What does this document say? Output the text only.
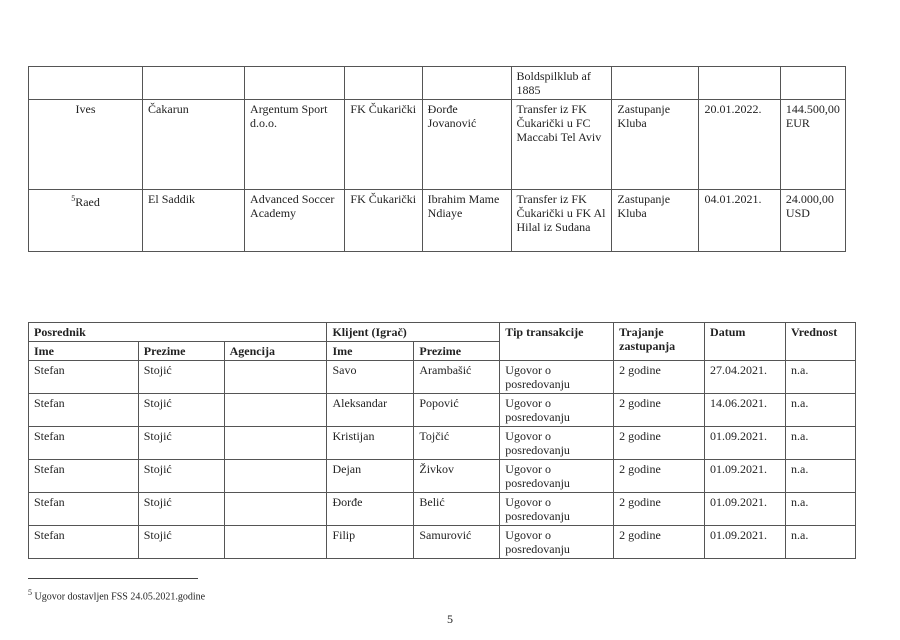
					Boldspilklub af 1885			
Ives	Čakarun	Argentum Sport d.o.o.	FK Čukarički	Đorđe Jovanović	Transfer iz FK Čukarički u FC Maccabi Tel Aviv	Zastupanje Kluba	20.01.2022.	144.500,00 EUR
$^5$Raed	El Saddik	Advanced Soccer Academy	FK Čukarički	Ibrahim Mame Ndiaye	Transfer iz FK Čukarički u FK Al Hilal iz Sudana	Zastupanje Kluba	04.01.2021.	24.000,00 USD
Posrednik			Klijent (Igrač)		Tip transakcije	Trajanje zastupanja	Datum	Vrednost
Ime	Prezime	Agencija	Ime	Prezime				
Stefan	Stojić		Savo	Arambašić	Ugovor o posredovanju	2 godine	27.04.2021.	n.a.
Stefan	Stojić		Aleksandar	Popović	Ugovor o posredovanju	2 godine	14.06.2021.	n.a.
Stefan	Stojić		Kristijan	Tojčić	Ugovor o posredovanju	2 godine	01.09.2021.	n.a.
Stefan	Stojić		Dejan	Živkov	Ugovor o posredovanju	2 godine	01.09.2021.	n.a.
Stefan	Stojić		Đorđe	Belić	Ugovor o posredovanju	2 godine	01.09.2021.	n.a.
Stefan	Stojić		Filip	Samurović	Ugovor o posredovanju	2 godine	01.09.2021.	n.a.
$^5$ Ugovor dostavljen FSS 24.05.2021.godine
5
